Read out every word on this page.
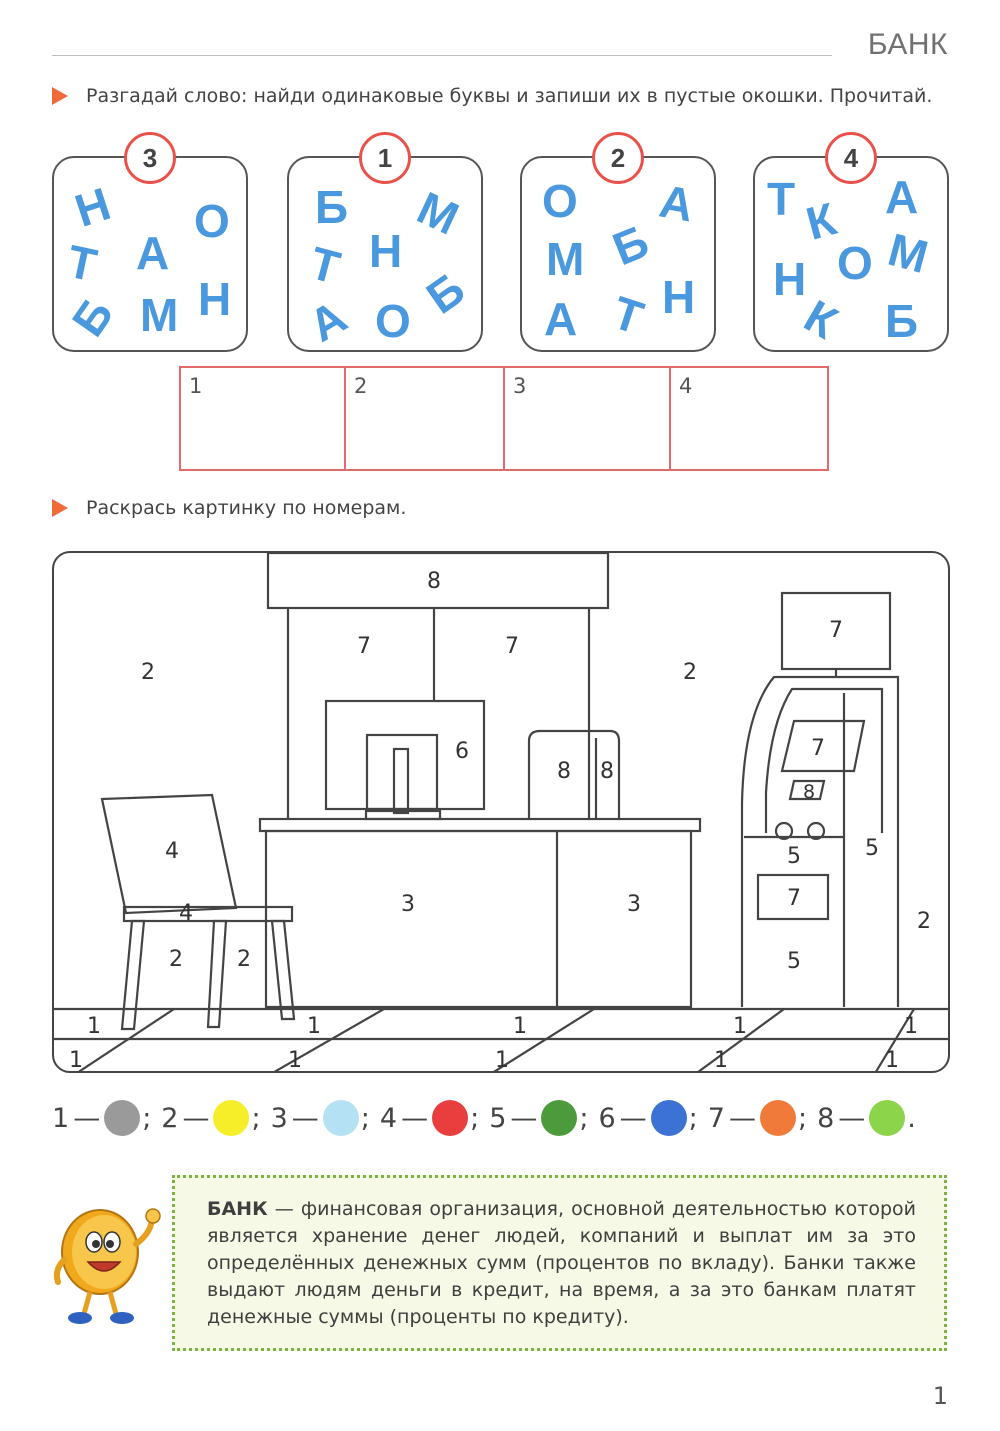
БАНК
Разгадай слово: найди одинаковые буквы и запиши их в пустые окошки. Прочитай.
3
Н О
Т А
Б М Н
1
Б М
Н
Т Б
А О
2
О А
М Б
А Т Н
4
Т К А
О М
Н
К Б
1	2	3	4
Раскрась картинку по номерам.
8
7	7
2	2
2
6
8 8
4
4
2 2
3	3
7
7
8
5	5
7
5
1	1	1	1	1
1	1	1	1	1
1 — ; 2 — ; 3 — ; 4 — ; 5 — ; 6 — ; 7 — ; 8 — .
БАНК — финансовая организация, основной деятельностью которой является хранение денег людей, компаний и выплат им за это определённых денежных сумм (процентов по вкладу). Банки также выдают людям деньги в кредит, на время, а за это банкам платят денежные суммы (проценты по кредиту).
1
